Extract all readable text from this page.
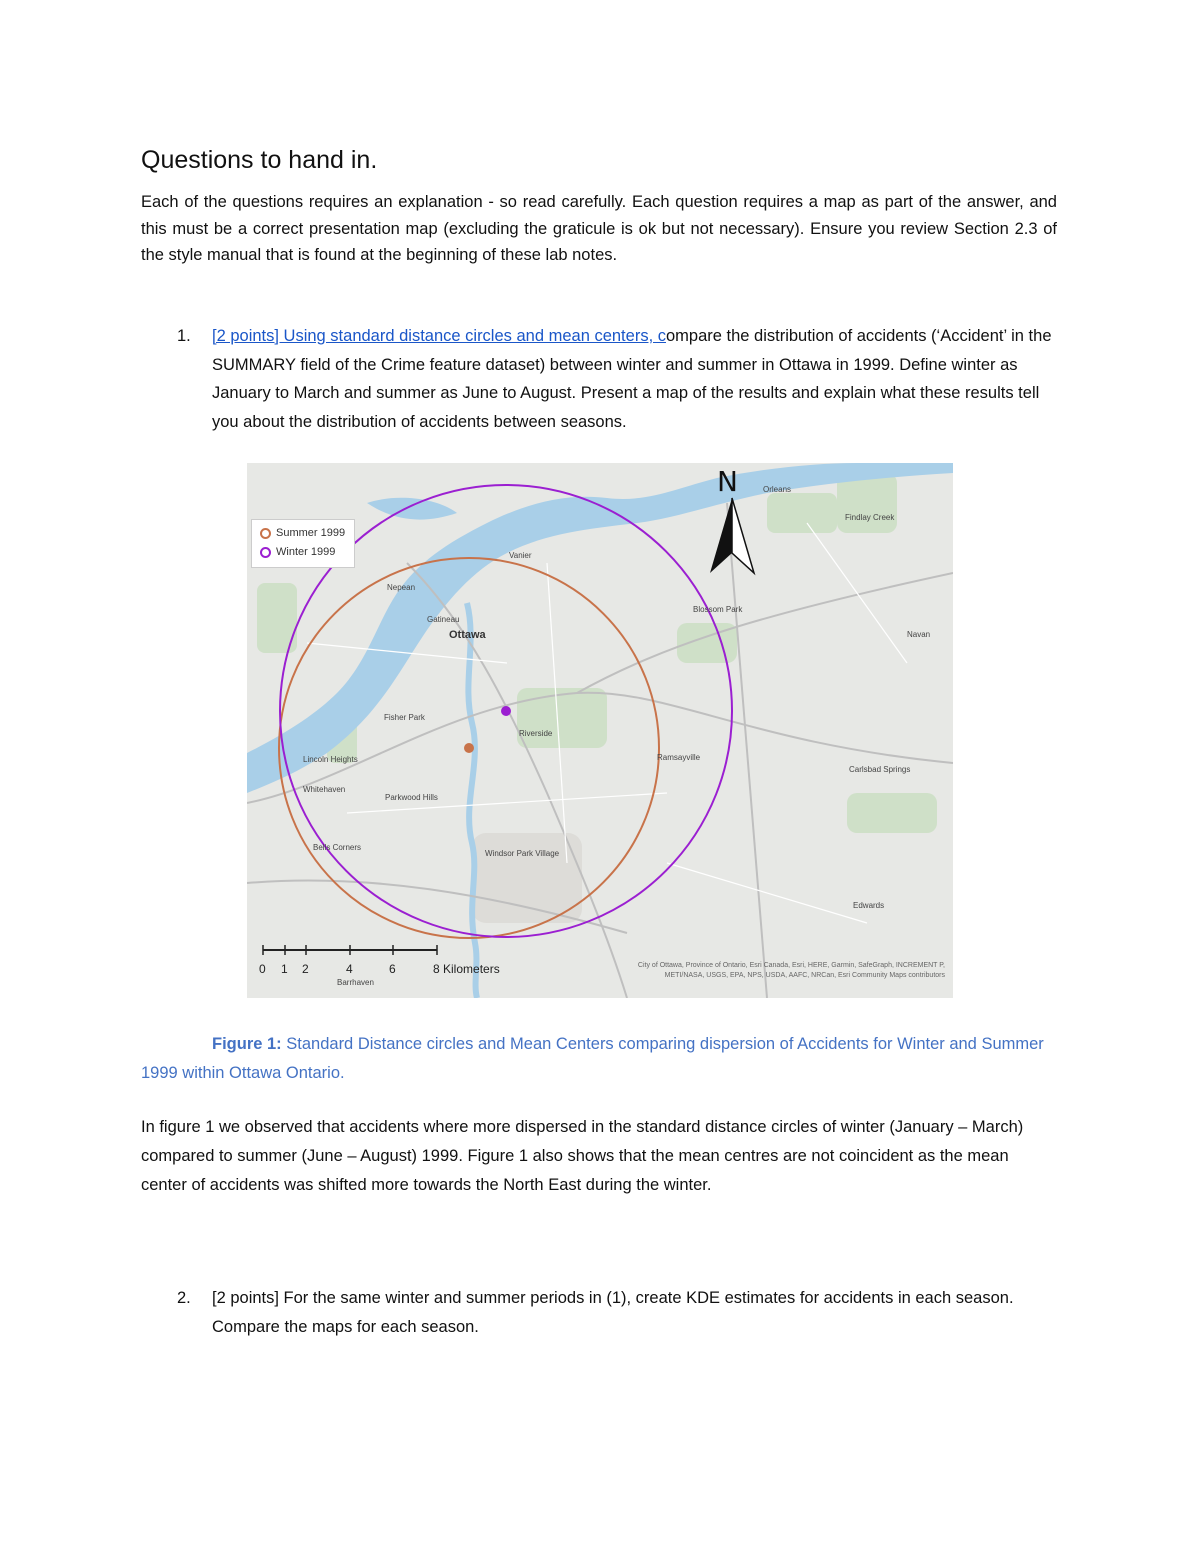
Questions to hand in.

Each of the questions requires an explanation - so read carefully. Each question requires a map as part of the answer, and this must be a correct presentation map (excluding the graticule is ok but not necessary). Ensure you review Section 2.3 of the style manual that is found at the beginning of these lab notes.

1. [2 points] Using standard distance circles and mean centers, compare the distribution of accidents (‘Accident’ in the SUMMARY field of the Crime feature dataset) between winter and summer in Ottawa in 1999. Define winter as January to March and summer as June to August. Present a map of the results and explain what these results tell you about the distribution of accidents between seasons.
N
Summer 1999
Winter 1999
Ottawa
Gatineau
Vanier
Lincoln Heights
Fisher Park
Orleans
Nepean
Riverside
Barrhaven
Navan
Carlsbad Springs
Edwards
Blossom Park
Whitehaven
Bells Corners
Windsor Park Village
Parkwood Hills
Ramsayville
Findlay Creek
0 1 2	4	6	8 Kilometers	City of Ottawa, Province of Ontario, Esri Canada, Esri, HERE, Garmin, SafeGraph, INCREMENT P, METI/NASA, USGS, EPA, NPS, USDA, AAFC, NRCan, Esri Community Maps contributors

Figure 1: Standard Distance circles and Mean Centers comparing dispersion of Accidents for Winter and Summer 1999 within Ottawa Ontario.

In figure 1 we observed that accidents where more dispersed in the standard distance circles of winter (January – March) compared to summer (June – August) 1999. Figure 1 also shows that the mean centres are not coincident as the mean center of accidents was shifted more towards the North East during the winter.

2. [2 points] For the same winter and summer periods in (1), create KDE estimates for accidents in each season. Compare the maps for each season.
